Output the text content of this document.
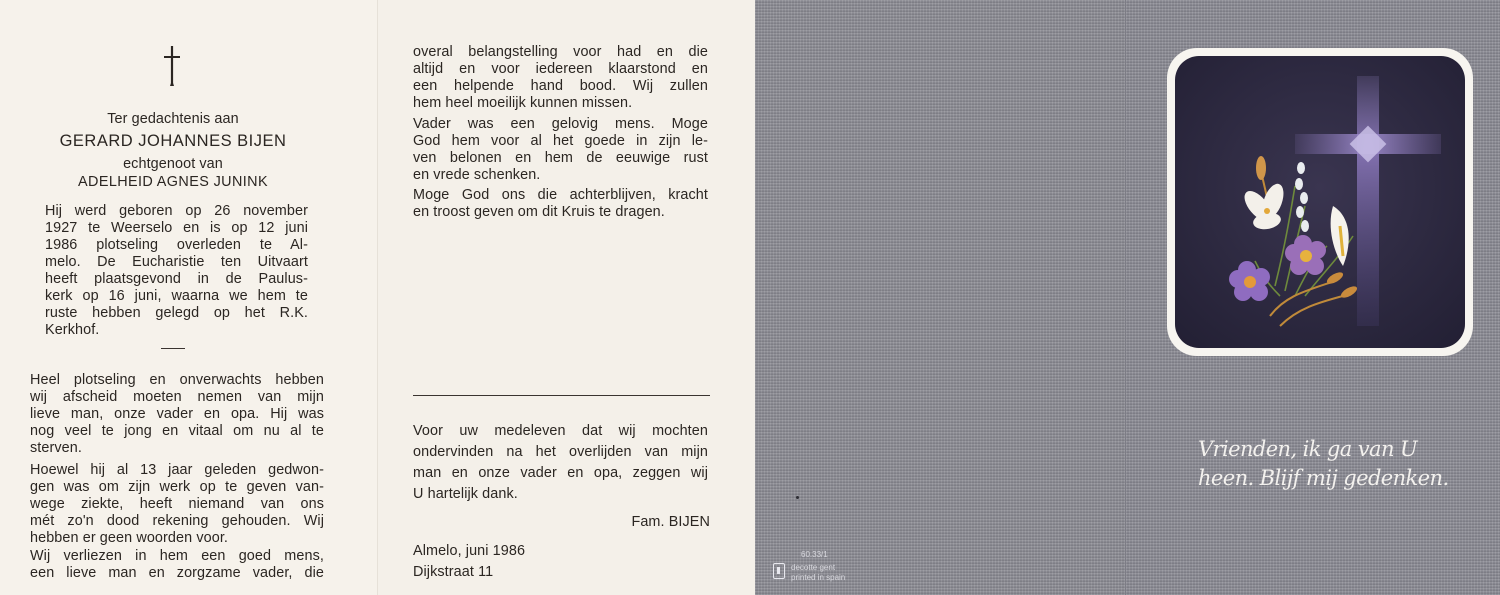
Ter gedachtenis aan

GERARD JOHANNES BIJEN

echtgenoot van

ADELHEID AGNES JUNINK

Hij werd geboren op 26 november

1927 te Weerselo en is op 12 juni

1986 plotseling overleden te Al-

melo. De Eucharistie ten Uitvaart

heeft plaatsgevond in de Paulus-

kerk op 16 juni, waarna we hem te

ruste hebben gelegd op het R.K.

Kerkhof.

Heel plotseling en onverwachts hebben

wij afscheid moeten nemen van mijn

lieve man, onze vader en opa. Hij was

nog veel te jong en vitaal om nu al te

sterven.

Hoewel hij al 13 jaar geleden gedwon-

gen was om zijn werk op te geven van-

wege ziekte, heeft niemand van ons

mét zo'n dood rekening gehouden. Wij

hebben er geen woorden voor.

Wij verliezen in hem een goed mens,

een lieve man en zorgzame vader, die

overal belangstelling voor had en die

altijd en voor iedereen klaarstond en

een helpende hand bood. Wij zullen

hem heel moeilijk kunnen missen.

Vader was een gelovig mens. Moge

God hem voor al het goede in zijn le-

ven belonen en hem de eeuwige rust

en vrede schenken.

Moge God ons die achterblijven, kracht

en troost geven om dit Kruis te dragen.

Voor uw medeleven dat wij mochten

ondervinden na het overlijden van mijn

man en onze vader en opa, zeggen wij

U hartelijk dank.

Fam. BIJEN

Almelo, juni 1986

Dijkstraat 11

60.33/1
decotte gent
printed in spain
Vrienden, ik ga van U
heen. Blijf mij gedenken.
